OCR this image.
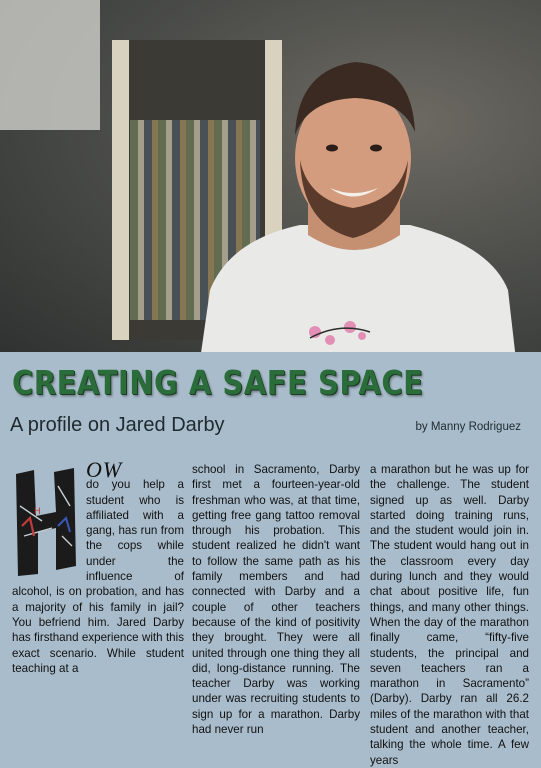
CREATING A SAFE SPACE
A profile on Jared Darby	by Manny Rodriguez
H
OW
do you help a student who is affiliated with a gang, has run from the cops while under the influence of alcohol, is on probation, and has a majority of his family in jail? You befriend him. Jared Darby has firsthand experience with this exact scenario. While student teaching at a
school in Sacramento, Darby first met a fourteen-year-old freshman who was, at that time, getting free gang tattoo removal through his probation. This student realized he didn't want to follow the same path as his family members and had connected with Darby and a couple of other teachers because of the kind of positivity they brought. They were all united through one thing they all did, long-distance running. The teacher Darby was working under was recruiting students to sign up for a marathon. Darby had never run
a marathon but he was up for the challenge. The student signed up as well. Darby started doing training runs, and the student would join in. The student would hang out in the classroom every day during lunch and they would chat about positive life, fun things, and many other things. When the day of the marathon finally came, “fifty-five students, the principal and seven teachers ran a marathon in Sacramento” (Darby). Darby ran all 26.2 miles of the marathon with that student and another teacher, talking the whole time. A few years
